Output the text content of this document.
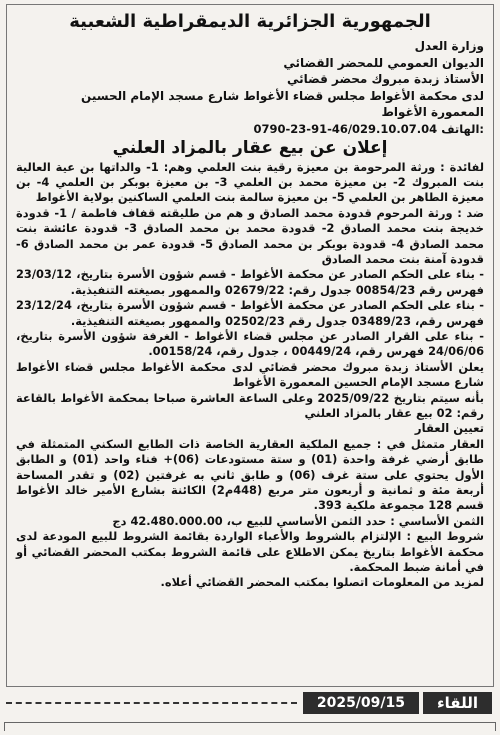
الجمهورية الجزائرية الديمقراطية الشعبية
وزارة العدل
الديوان العمومي للمحضر القضائي
الأستاذ زبدة مبروك محضر قضائي
لدى محكمة الأغواط مجلس قضاء الأغواط شارع مسجد الإمام الحسين
المعمورة الأغواط
0790-23-91-46/029.10.07.04 الهاتف:
إعلان عن بيع عقار بالمزاد العلني

لفائدة : ورثة المرحومة بن معيزة رقية بنت العلمي وهم: 1- والداتها بن عية العالية بنت المبروك 2- بن معيزة محمد بن العلمي 3- بن معيزة بوبكر بن العلمي 4- بن معيزة الطاهر بن العلمي 5- بن معيزة سالمة بنت العلمي الساكنين بولاية الأغواط

ضد : ورثة المرحوم قدودة محمد الصادق و هم من طليقته قفاف فاطمة / 1- قدودة خديجة بنت محمد الصادق 2- قدودة محمد بن محمد الصادق 3- قدودة عائشة بنت محمد الصادق 4- قدودة بوبكر بن محمد الصادق 5- قدودة عمر بن محمد الصادق 6- قدودة آمنة بنت محمد الصادق

- بناء على الحكم الصادر عن محكمة الأغواط - قسم شؤون الأسرة بتاريخ، 23/03/12 فهرس رقم 00854/23 جدول رقم: 02679/22 والممهور بصيغته التنفيذية.

- بناء على الحكم الصادر عن محكمة الأغواط - قسم شؤون الأسرة بتاريخ، 23/12/24 فهرس رقم، 03489/23 جدول رقم 02502/23 والممهور بصيغته التنفيذية.

- بناء على القرار الصادر عن مجلس قضاء الأغواط - الغرفة شؤون الأسرة بتاريخ، 24/06/06 فهرس رقم، 00449/24 ، جدول رقم، 00158/24.

يعلن الأستاذ زبدة مبروك محضر قضائي لدى محكمة الأغواط مجلس قضاء الأغواط شارع مسجد الإمام الحسين المعمورة الأغواط

بأنه سيتم بتاريخ 2025/09/22 وعلى الساعة العاشرة صباحا بمحكمة الأغواط بالقاعة رقم: 02 بيع عقار بالمزاد العلني

تعيين العقار

العقار متمثل في : جميع الملكية العقارية الخاصة ذات الطابع السكني المتمثلة في طابق أرضي غرفة واحدة (01) و ستة مستودعات (06)+ فناء واحد (01) و الطابق الأول يحتوي على ستة غرف (06) و طابق ثاني به غرفتين (02) و تقدر المساحة أربعة مئة و ثمانية و أربعون متر مربع (448م2) الكائنة بشارع الأمير خالد الأغواط قسم 128 مجموعة ملكية 393.

الثمن الأساسي : حدد الثمن الأساسي للبيع ب، 42.480.000.00 دج

شروط البيع : الإلتزام بالشروط والأعباء الواردة بقائمة الشروط للبيع المودعة لدى محكمة الأغواط بتاريخ يمكن الاطلاع على قائمة الشروط بمكتب المحضر القضائي أو في أمانة ضبط المحكمة.

لمزيد من المعلومات اتصلوا بمكتب المحضر القضائي أعلاه.

اللقاء
2025/09/15
